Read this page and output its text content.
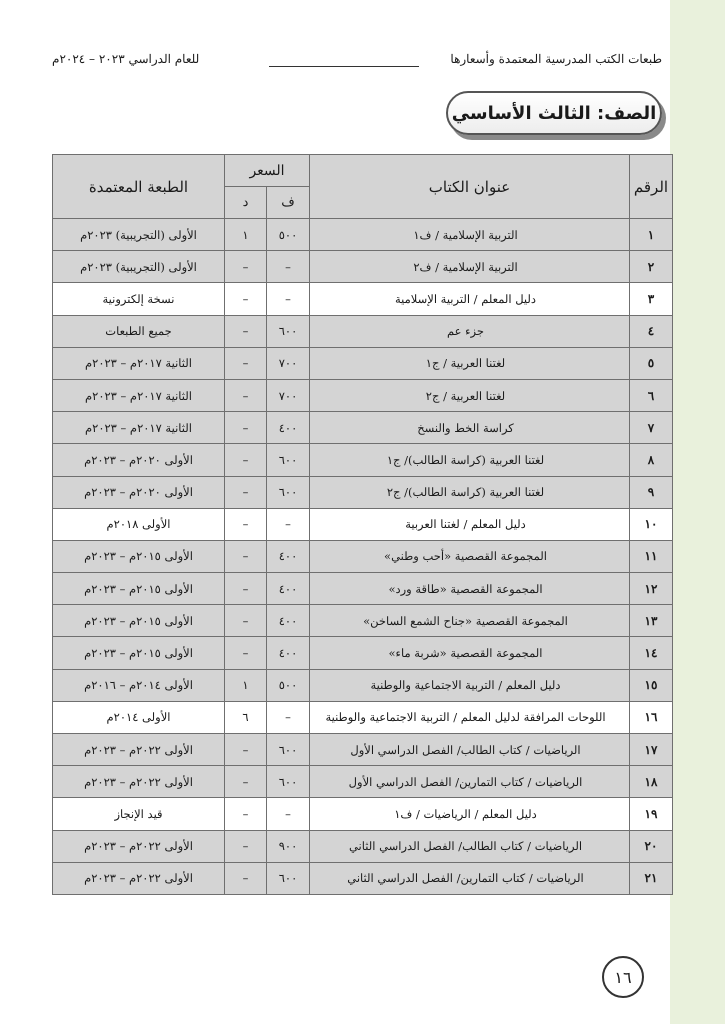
طبعات الكتب المدرسية المعتمدة وأسعارها
للعام الدراسي ٢٠٢٣ – ٢٠٢٤م
الصف: الثالث الأساسي
الرقم	عنوان الكتاب	السعر		الطبعة المعتمدة
		ف	د	
١	التربية الإسلامية / ف١	٥٠٠	١	الأولى (التجريبية) ٢٠٢٣م
٢	التربية الإسلامية / ف٢	–	–	الأولى (التجريبية) ٢٠٢٣م
٣	دليل المعلم / التربية الإسلامية	–	–	نسخة إلكترونية
٤	جزء عم	٦٠٠	–	جميع الطبعات
٥	لغتنا العربية / ج١	٧٠٠	–	الثانية ٢٠١٧م – ٢٠٢٣م
٦	لغتنا العربية / ج٢	٧٠٠	–	الثانية ٢٠١٧م – ٢٠٢٣م
٧	كراسة الخط والنسخ	٤٠٠	–	الثانية ٢٠١٧م – ٢٠٢٣م
٨	لغتنا العربية (كراسة الطالب)/ ج١	٦٠٠	–	الأولى ٢٠٢٠م – ٢٠٢٣م
٩	لغتنا العربية (كراسة الطالب)/ ج٢	٦٠٠	–	الأولى ٢٠٢٠م – ٢٠٢٣م
١٠	دليل المعلم / لغتنا العربية	–	–	الأولى ٢٠١٨م
١١	المجموعة القصصية «أحب وطني»	٤٠٠	–	الأولى ٢٠١٥م – ٢٠٢٣م
١٢	المجموعة القصصية «طاقة ورد»	٤٠٠	–	الأولى ٢٠١٥م – ٢٠٢٣م
١٣	المجموعة القصصية «جناح الشمع الساخن»	٤٠٠	–	الأولى ٢٠١٥م – ٢٠٢٣م
١٤	المجموعة القصصية «شربة ماء»	٤٠٠	–	الأولى ٢٠١٥م – ٢٠٢٣م
١٥	دليل المعلم / التربية الاجتماعية والوطنية	٥٠٠	١	الأولى ٢٠١٤م – ٢٠١٦م
١٦	اللوحات المرافقة لدليل المعلم / التربية الاجتماعية والوطنية	–	٦	الأولى ٢٠١٤م
١٧	الرياضيات / كتاب الطالب/ الفصل الدراسي الأول	٦٠٠	–	الأولى ٢٠٢٢م – ٢٠٢٣م
١٨	الرياضيات / كتاب التمارين/ الفصل الدراسي الأول	٦٠٠	–	الأولى ٢٠٢٢م – ٢٠٢٣م
١٩	دليل المعلم / الرياضيات / ف١	–	–	قيد الإنجاز
٢٠	الرياضيات / كتاب الطالب/ الفصل الدراسي الثاني	٩٠٠	–	الأولى ٢٠٢٢م – ٢٠٢٣م
٢١	الرياضيات / كتاب التمارين/ الفصل الدراسي الثاني	٦٠٠	–	الأولى ٢٠٢٢م – ٢٠٢٣م
١٦
